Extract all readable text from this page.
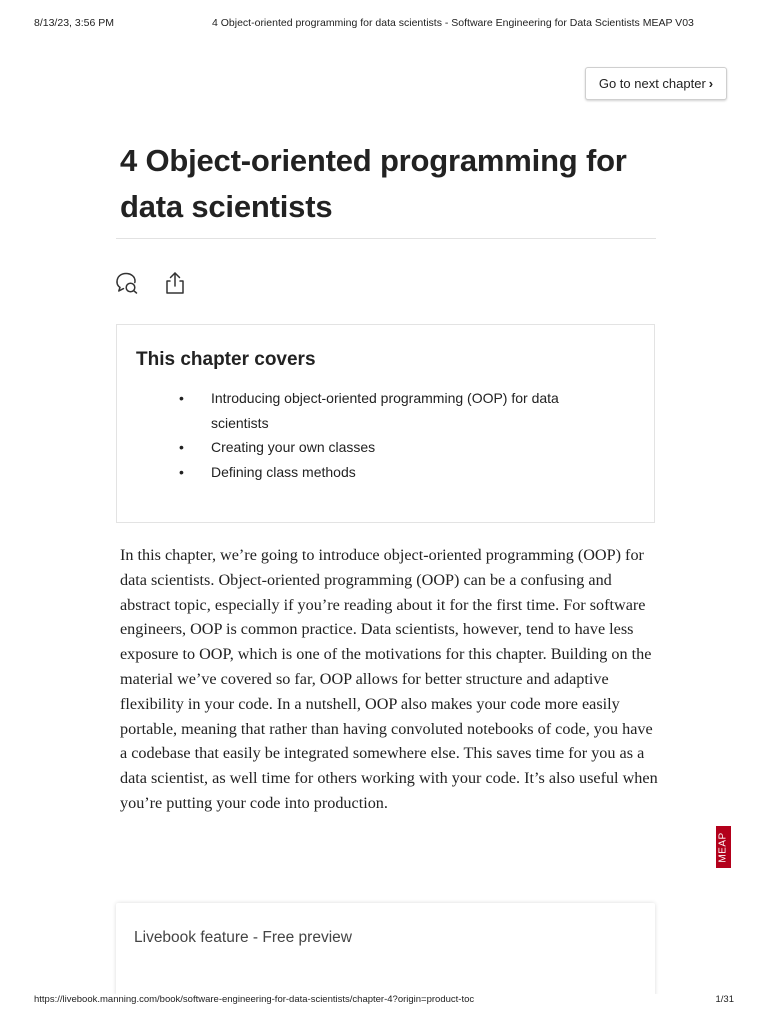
8/13/23, 3:56 PM	4 Object-oriented programming for data scientists - Software Engineering for Data Scientists MEAP V03
Go to next chapter ›
4 Object-oriented programming for data scientists
This chapter covers
• Introducing object-oriented programming (OOP) for data scientists
• Creating your own classes
• Defining class methods

In this chapter, we’re going to introduce object-oriented programming (OOP) for data scientists. Object-oriented programming (OOP) can be a confusing and abstract topic, especially if you’re reading about it for the first time. For software engineers, OOP is common practice. Data scientists, however, tend to have less exposure to OOP, which is one of the motivations for this chapter. Building on the material we’ve covered so far, OOP allows for better structure and adaptive flexibility in your code. In a nutshell, OOP also makes your code more easily portable, meaning that rather than having convoluted notebooks of code, you have a codebase that easily be integrated somewhere else. This saves time for you as a data scientist, as well time for others working with your code. It’s also useful when you’re putting your code into production.

MEAP
Livebook feature - Free preview
https://livebook.manning.com/book/software-engineering-for-data-scientists/chapter-4?origin=product-toc	1/31
